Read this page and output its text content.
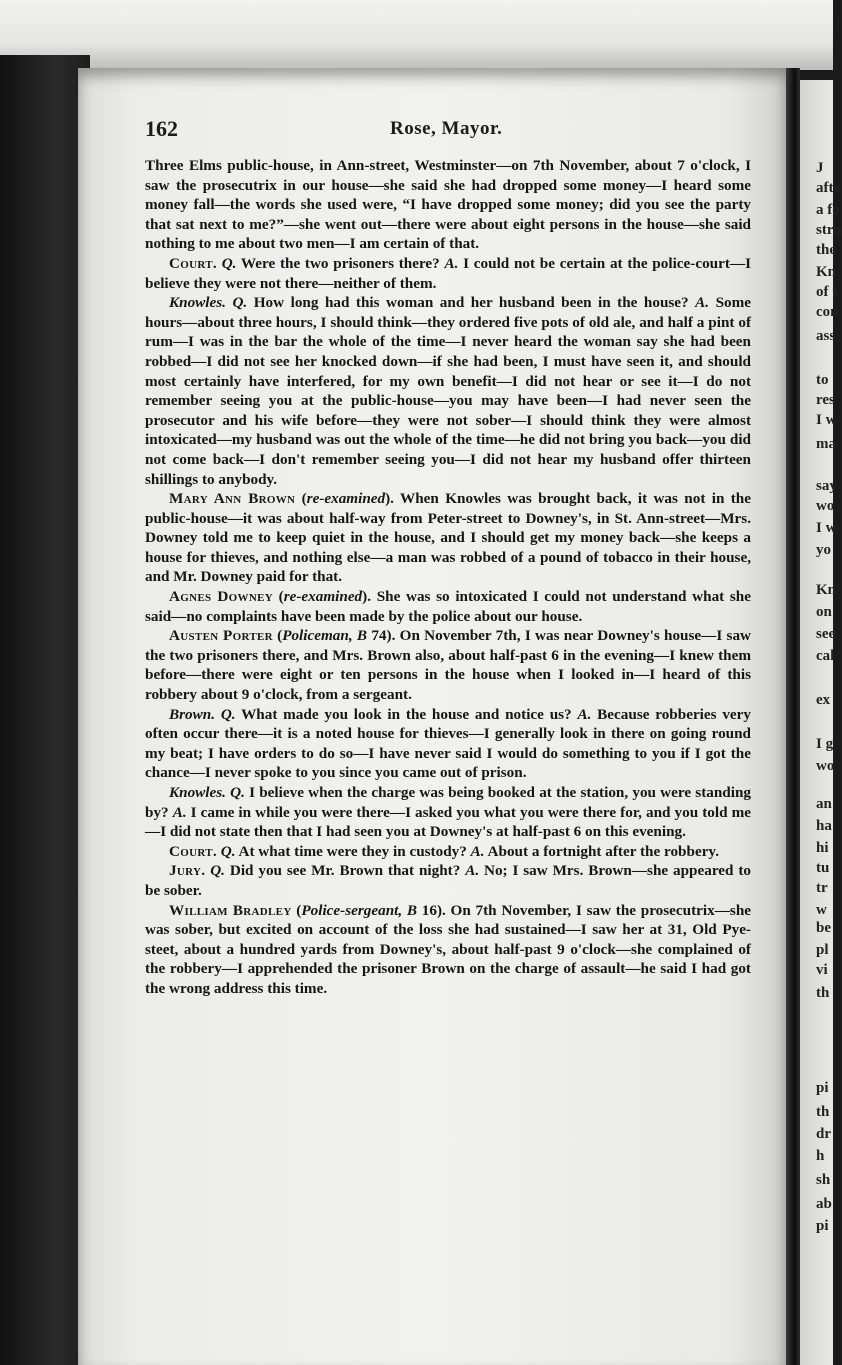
J
afte
a fo
stru
the
Kn
of t
con
ass
to
res
I w
ma
say
wo
I w
yo
Kn
on
see
cal
ex
I g
wo
an
ha
hi
tu
tr
w
be
pl
vi
th
pi
th
dr
h
sh
ab
pi
162	Rose, Mayor.

Three Elms public-house, in Ann-street, Westminster—on 7th November, about 7 o'clock, I saw the prosecutrix in our house—she said she had dropped some money—I heard some money fall—the words she used were, “I have dropped some money; did you see the party that sat next to me?”—she went out—there were about eight persons in the house—she said nothing to me about two men—I am certain of that.

Court. Q. Were the two prisoners there? A. I could not be certain at the police-court—I believe they were not there—neither of them.

Knowles. Q. How long had this woman and her husband been in the house? A. Some hours—about three hours, I should think—they ordered five pots of old ale, and half a pint of rum—I was in the bar the whole of the time—I never heard the woman say she had been robbed—I did not see her knocked down—if she had been, I must have seen it, and should most certainly have interfered, for my own benefit—I did not hear or see it—I do not remember seeing you at the public-house—you may have been—I had never seen the prosecutor and his wife before—they were not sober—I should think they were almost intoxicated—my husband was out the whole of the time—he did not bring you back—you did not come back—I don't remember seeing you—I did not hear my husband offer thirteen shillings to anybody.

Mary Ann Brown (re-examined). When Knowles was brought back, it was not in the public-house—it was about half-way from Peter-street to Downey's, in St. Ann-street—Mrs. Downey told me to keep quiet in the house, and I should get my money back—she keeps a house for thieves, and nothing else—a man was robbed of a pound of tobacco in their house, and Mr. Downey paid for that.

Agnes Downey (re-examined). She was so intoxicated I could not understand what she said—no complaints have been made by the police about our house.

Austen Porter (Policeman, B 74). On November 7th, I was near Downey's house—I saw the two prisoners there, and Mrs. Brown also, about half-past 6 in the evening—I knew them before—there were eight or ten persons in the house when I looked in—I heard of this robbery about 9 o'clock, from a sergeant.

Brown. Q. What made you look in the house and notice us? A. Because robberies very often occur there—it is a noted house for thieves—I generally look in there on going round my beat; I have orders to do so—I have never said I would do something to you if I got the chance—I never spoke to you since you came out of prison.

Knowles. Q. I believe when the charge was being booked at the station, you were standing by? A. I came in while you were there—I asked you what you were there for, and you told me—I did not state then that I had seen you at Downey's at half-past 6 on this evening.

Court. Q. At what time were they in custody? A. About a fortnight after the robbery.

Jury. Q. Did you see Mr. Brown that night? A. No; I saw Mrs. Brown—she appeared to be sober.

William Bradley (Police-sergeant, B 16). On 7th November, I saw the prosecutrix—she was sober, but excited on account of the loss she had sustained—I saw her at 31, Old Pye-steet, about a hundred yards from Downey's, about half-past 9 o'clock—she complained of the robbery—I apprehended the prisoner Brown on the charge of assault—he said I had got the wrong address this time.
